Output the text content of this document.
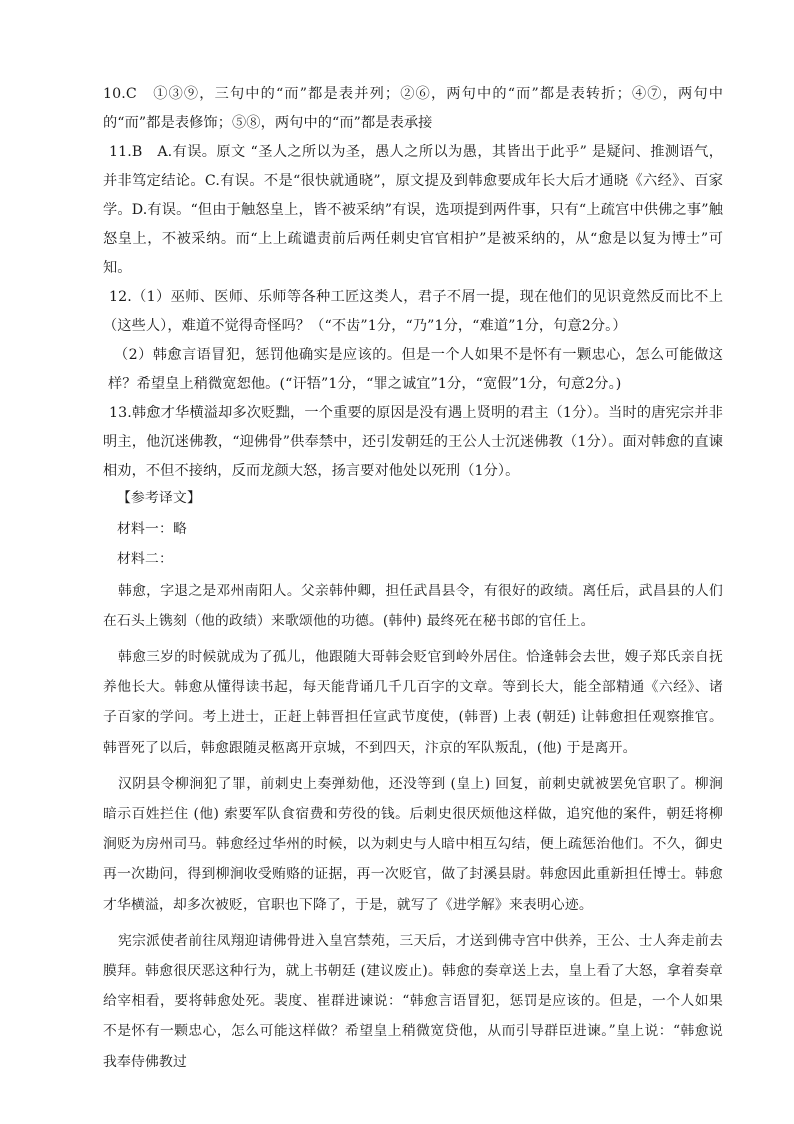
10.C　①③⑨，三句中的“而”都是表并列；②⑥，两句中的“而”都是表转折；④⑦，两句中的“而”都是表修饰；⑤⑧，两句中的“而”都是表承接

11.B　A.有误。原文 “圣人之所以为圣，愚人之所以为愚，其皆出于此乎” 是疑问、推测语气，并非笃定结论。C.有误。不是“很快就通晓”，原文提及到韩愈要成年长大后才通晓《六经》、百家学。D.有误。“但由于触怒皇上，皆不被采纳”有误，选项提到两件事，只有“上疏宫中供佛之事”触怒皇上，不被采纳。而“上上疏谴责前后两任刺史官官相护”是被采纳的，从“愈是以复为博士”可知。

12.（1）巫师、医师、乐师等各种工匠这类人，君子不屑一提，现在他们的见识竟然反而比不上（这些人），难道不觉得奇怪吗？（“不齿”1分，“乃”1分，“难道”1分，句意2分。）

（2）韩愈言语冒犯，惩罚他确实是应该的。但是一个人如果不是怀有一颗忠心，怎么可能做这样？希望皇上稍微宽恕他。(“讦牾”1分，“罪之诚宜”1分，“宽假”1分，句意2分。)

13.韩愈才华横溢却多次贬黜，一个重要的原因是没有遇上贤明的君主（1分）。当时的唐宪宗并非明主，他沉迷佛教，“迎佛骨”供奉禁中，还引发朝廷的王公人士沉迷佛教（1分）。面对韩愈的直谏相劝，不但不接纳，反而龙颜大怒，扬言要对他处以死刑（1分）。

【参考译文】

材料一：略

材料二：

韩愈，字退之是邓州南阳人。父亲韩仲卿，担任武昌县令，有很好的政绩。离任后，武昌县的人们在石头上镌刻（他的政绩）来歌颂他的功德。(韩仲) 最终死在秘书郎的官任上。

韩愈三岁的时候就成为了孤儿，他跟随大哥韩会贬官到岭外居住。恰逢韩会去世，嫂子郑氏亲自抚养他长大。韩愈从懂得读书起，每天能背诵几千几百字的文章。等到长大，能全部精通《六经》、诸子百家的学问。考上进士，正赶上韩晋担任宣武节度使，(韩晋) 上表 (朝廷) 让韩愈担任观察推官。韩晋死了以后，韩愈跟随灵柩离开京城，不到四天，汴京的军队叛乱，(他) 于是离开。

汉阴县令柳涧犯了罪，前刺史上奏弹劾他，还没等到 (皇上) 回复，前刺史就被罢免官职了。柳涧暗示百姓拦住 (他) 索要军队食宿费和劳役的钱。后刺史很厌烦他这样做，追究他的案件，朝廷将柳涧贬为房州司马。韩愈经过华州的时候，以为刺史与人暗中相互勾结，便上疏惩治他们。不久，御史再一次勘问，得到柳涧收受贿赂的证据，再一次贬官，做了封溪县尉。韩愈因此重新担任博士。韩愈才华横溢，却多次被贬，官职也下降了，于是，就写了《进学解》来表明心迹。

宪宗派使者前往凤翔迎请佛骨进入皇宫禁苑，三天后，才送到佛寺宫中供养，王公、士人奔走前去膜拜。韩愈很厌恶这种行为，就上书朝廷 (建议废止)。韩愈的奏章送上去，皇上看了大怒，拿着奏章给宰相看，要将韩愈处死。裴度、崔群进谏说：“韩愈言语冒犯，惩罚是应该的。但是，一个人如果不是怀有一颗忠心，怎么可能这样做？希望皇上稍微宽贷他，从而引导群臣进谏。”皇上说：“韩愈说我奉侍佛教过
